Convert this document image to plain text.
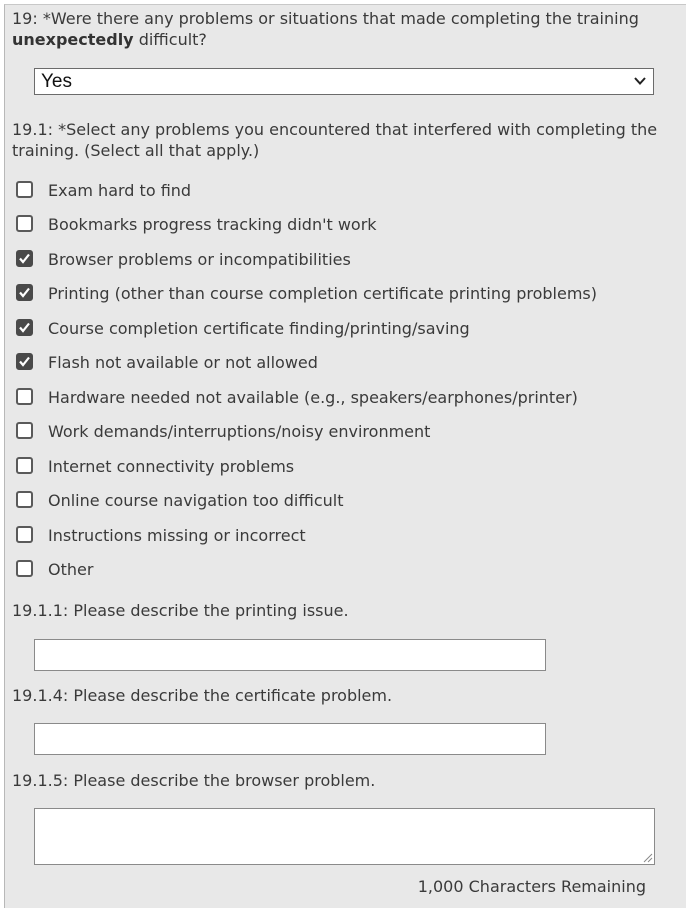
19: *Were there any problems or situations that made completing the training unexpectedly difficult?
Yes
19.1: *Select any problems you encountered that interfered with completing the training. (Select all that apply.)
Exam hard to find
Bookmarks progress tracking didn't work
Browser problems or incompatibilities
Printing (other than course completion certificate printing problems)
Course completion certificate finding/printing/saving
Flash not available or not allowed
Hardware needed not available (e.g., speakers/earphones/printer)
Work demands/interruptions/noisy environment
Internet connectivity problems
Online course navigation too difficult
Instructions missing or incorrect
Other
19.1.1: Please describe the printing issue.
19.1.4: Please describe the certificate problem.
19.1.5: Please describe the browser problem.
1,000 Characters Remaining
